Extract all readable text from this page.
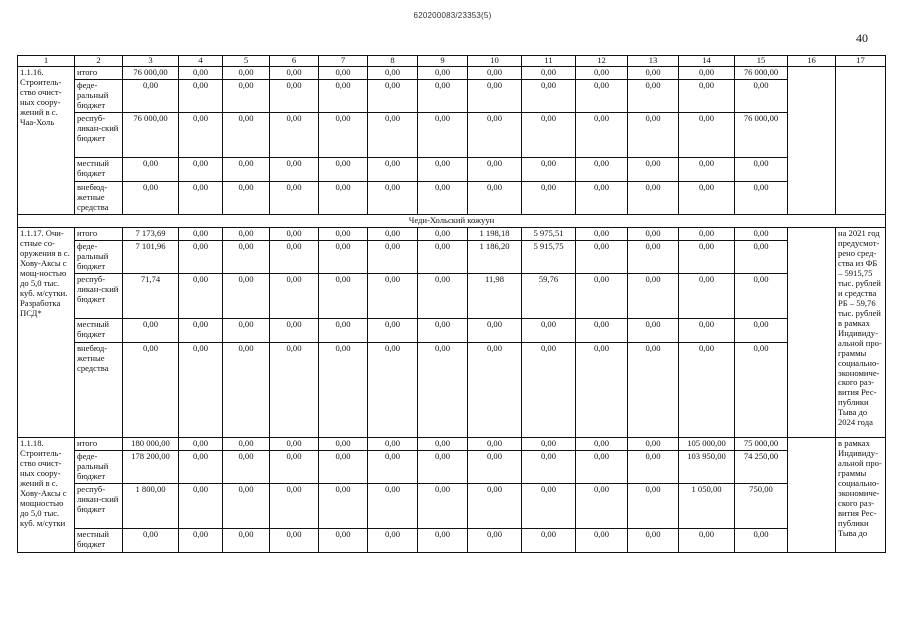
620200083/23353(5)
40
1	2	3	4	5	6	7	8	9	10	11	12	13	14	15	16	17
1.1.16. Строитель-ство очист-ных соору-жений в с. Чаа-Холь	итого	76 000,00	0,00	0,00	0,00	0,00	0,00	0,00	0,00	0,00	0,00	0,00	0,00	76 000,00		
	феде-ральный бюджет	0,00	0,00	0,00	0,00	0,00	0,00	0,00	0,00	0,00	0,00	0,00	0,00	0,00		
	респуб-ликан-ский бюджет	76 000,00	0,00	0,00	0,00	0,00	0,00	0,00	0,00	0,00	0,00	0,00	0,00	76 000,00		
	местный бюджет	0,00	0,00	0,00	0,00	0,00	0,00	0,00	0,00	0,00	0,00	0,00	0,00	0,00		
	внебюд-жетные средства	0,00	0,00	0,00	0,00	0,00	0,00	0,00	0,00	0,00	0,00	0,00	0,00	0,00		
Чеди-Хольский кожуун																
1.1.17. Очи-стные со-оружения в с. Хову-Аксы с мощ-ностью до 5,0 тыс. куб. м/сутки. Разработка ПСД*	итого	7 173,69	0,00	0,00	0,00	0,00	0,00	0,00	1 198,18	5 975,51	0,00	0,00	0,00	0,00		на 2021 год предусмот-рено сред-ства из ФБ – 5915,75 тыс. рублей и средства РБ – 59,76 тыс. рублей в рамках Индивиду-альной про-граммы социально-экономиче-ского раз-вития Рес-публики Тыва до 2024 года
	феде-ральный бюджет	7 101,96	0,00	0,00	0,00	0,00	0,00	0,00	1 186,20	5 915,75	0,00	0,00	0,00	0,00		
	респуб-ликан-ский бюджет	71,74	0,00	0,00	0,00	0,00	0,00	0,00	11,98	59,76	0,00	0,00	0,00	0,00		
	местный бюджет	0,00	0,00	0,00	0,00	0,00	0,00	0,00	0,00	0,00	0,00	0,00	0,00	0,00		
	внебюд-жетные средства	0,00	0,00	0,00	0,00	0,00	0,00	0,00	0,00	0,00	0,00	0,00	0,00	0,00		
1.1.18. Строитель-ство очист-ных соору-жений в с. Хову-Аксы с мощностью до 5,0 тыс. куб. м/сутки	итого	180 000,00	0,00	0,00	0,00	0,00	0,00	0,00	0,00	0,00	0,00	0,00	105 000,00	75 000,00		в рамках Индивиду-альной про-граммы социально-экономиче-ского раз-вития Рес-публики Тыва до
	феде-ральный бюджет	178 200,00	0,00	0,00	0,00	0,00	0,00	0,00	0,00	0,00	0,00	0,00	103 950,00	74 250,00		
	респуб-ликан-ский бюджет	1 800,00	0,00	0,00	0,00	0,00	0,00	0,00	0,00	0,00	0,00	0,00	1 050,00	750,00		
	местный бюджет	0,00	0,00	0,00	0,00	0,00	0,00	0,00	0,00	0,00	0,00	0,00	0,00	0,00		
